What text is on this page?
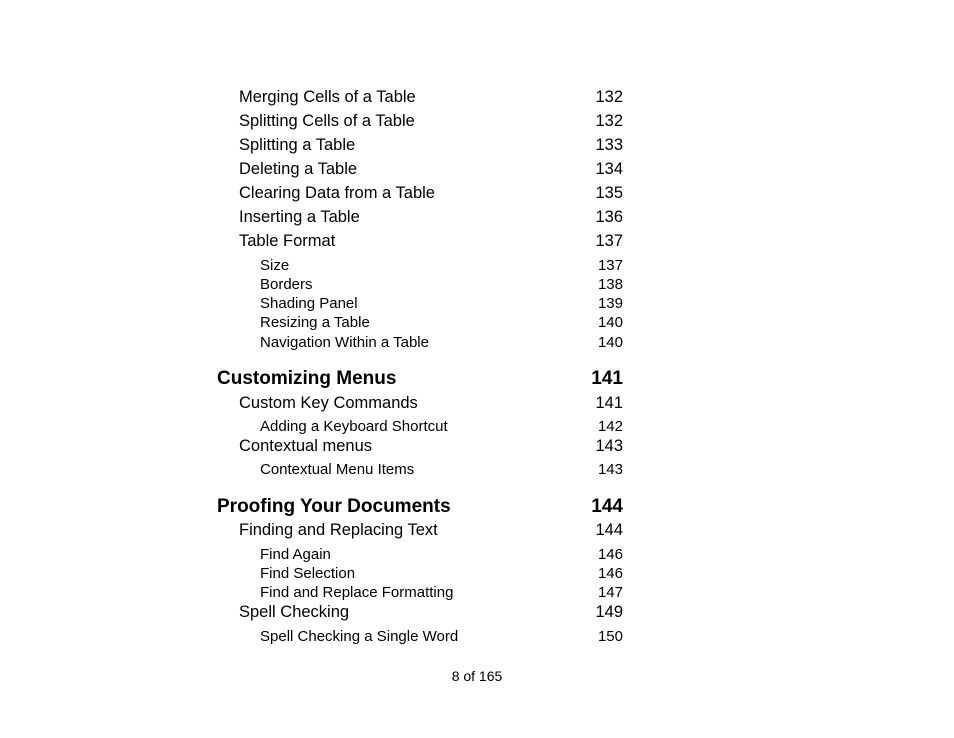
Merging Cells of a Table	132
Splitting Cells of a Table	132
Splitting a Table	133
Deleting a Table	134
Clearing Data from a Table	135
Inserting a Table	136
Table Format	137
Size	137
Borders	138
Shading Panel	139
Resizing a Table	140
Navigation Within a Table	140
Customizing Menus	141
Custom Key Commands	141
Adding a Keyboard Shortcut	142
Contextual menus	143
Contextual Menu Items	143
Proofing Your Documents	144
Finding and Replacing Text	144
Find Again	146
Find Selection	146
Find and Replace Formatting	147
Spell Checking	149
Spell Checking a Single Word	150
8 of 165
